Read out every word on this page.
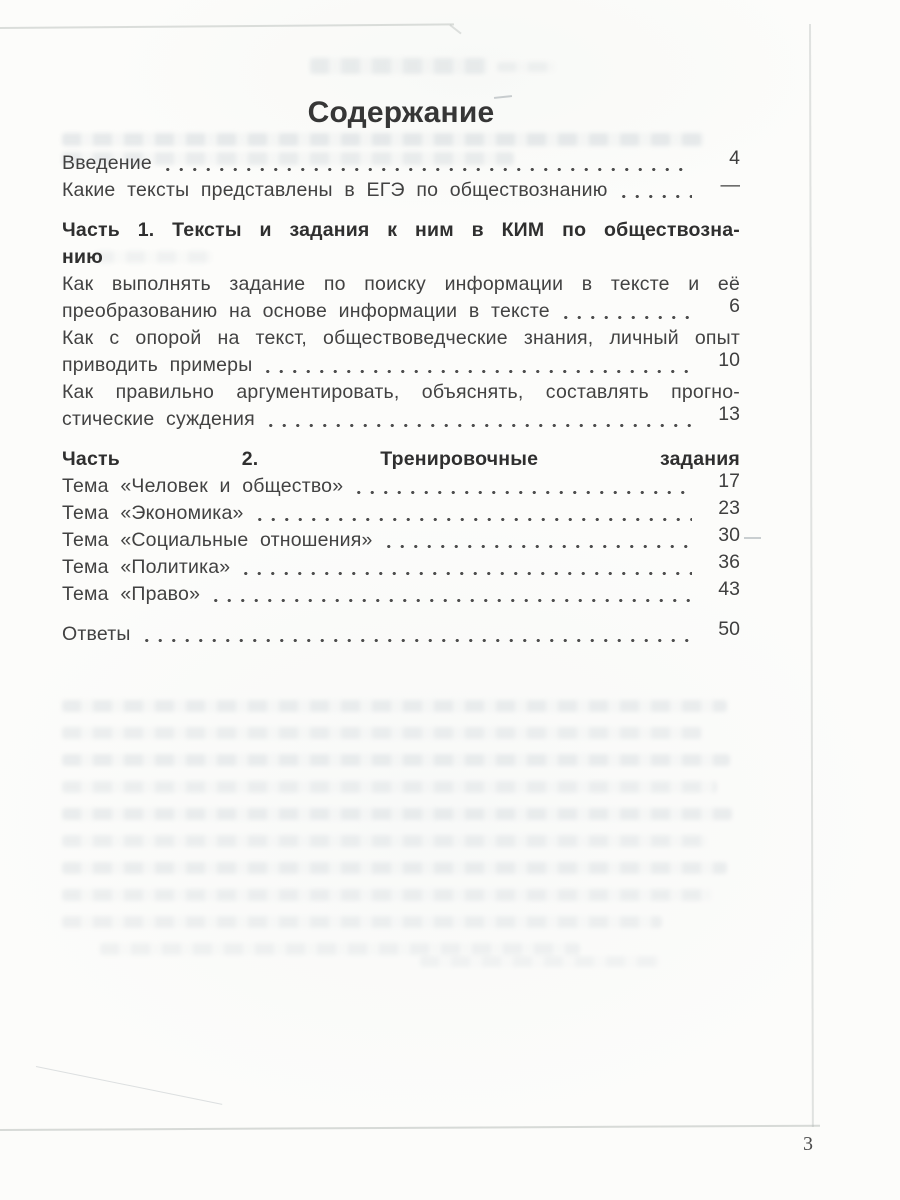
Содержание
Введение	4
Какие тексты представлены в ЕГЭ по обществознанию	—
Часть 1. Тексты и задания к ним в КИМ по обществозна-
нию
Как выполнять задание по поиску информации в тексте и её
преобразованию на основе информации в тексте	6
Как с опорой на текст, обществоведческие знания, личный опыт
приводить примеры	10
Как правильно аргументировать, объяснять, составлять прогно-
стические суждения	13
Часть 2. Тренировочные задания
Тема «Человек и общество»	17
Тема «Экономика»	23
Тема «Социальные отношения»	30
Тема «Политика»	36
Тема «Право»	43
Ответы	50
3
